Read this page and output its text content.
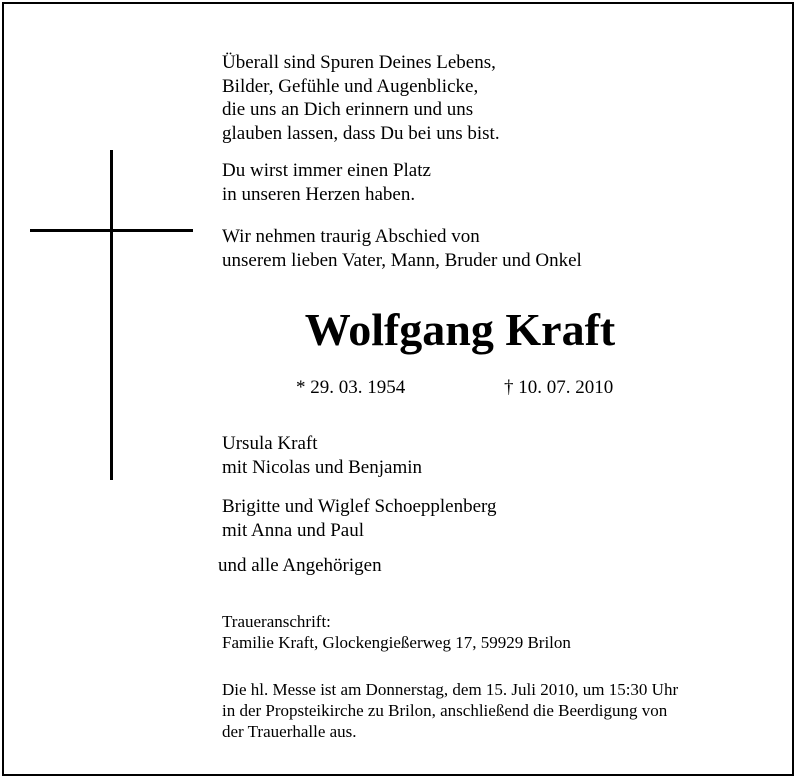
Überall sind Spuren Deines Lebens,
Bilder, Gefühle und Augenblicke,
die uns an Dich erinnern und uns
glauben lassen, dass Du bei uns bist.
Du wirst immer einen Platz
in unseren Herzen haben.
Wir nehmen traurig Abschied von
unserem lieben Vater, Mann, Bruder und Onkel
Wolfgang Kraft
* 29. 03. 1954	† 10. 07. 2010
Ursula Kraft
mit Nicolas und Benjamin
Brigitte und Wiglef Schoepplenberg
mit Anna und Paul
und alle Angehörigen
Traueranschrift:
Familie Kraft, Glockengießerweg 17, 59929 Brilon
Die hl. Messe ist am Donnerstag, dem 15. Juli 2010, um 15:30 Uhr
in der Propsteikirche zu Brilon, anschließend die Beerdigung von
der Trauerhalle aus.
